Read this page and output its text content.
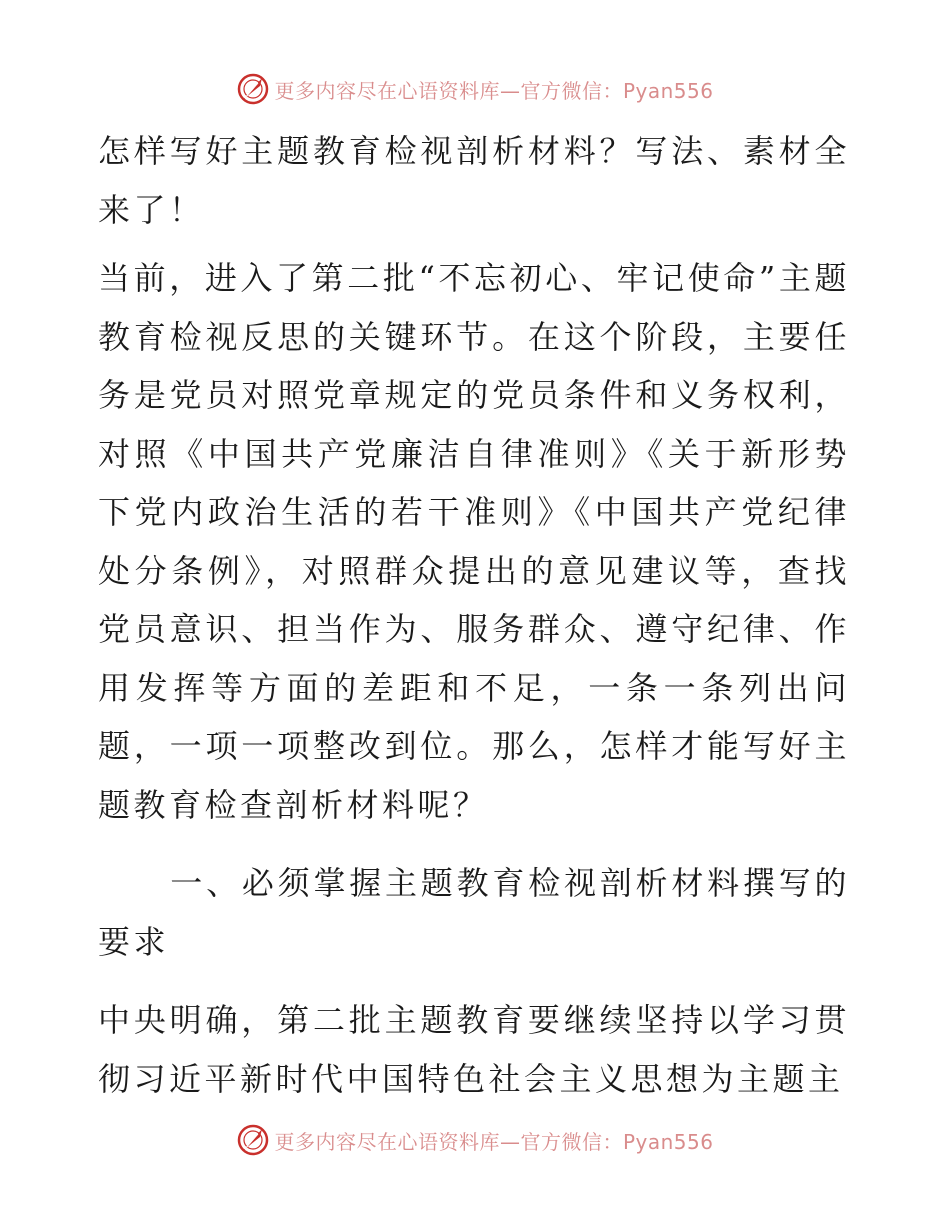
更多内容尽在心语资料库—官方微信：Pyan556

怎样写好主题教育检视剖析材料？写法、素材全来了！

当前，进入了第二批“不忘初心、牢记使命”主题教育检视反思的关键环节。在这个阶段，主要任务是党员对照党章规定的党员条件和义务权利，对照《中国共产党廉洁自律准则》《关于新形势下党内政治生活的若干准则》《中国共产党纪律处分条例》，对照群众提出的意见建议等，查找党员意识、担当作为、服务群众、遵守纪律、作用发挥等方面的差距和不足，一条一条列出问题，一项一项整改到位。那么，怎样才能写好主题教育检查剖析材料呢？

一、必须掌握主题教育检视剖析材料撰写的要求

中央明确，第二批主题教育要继续坚持以学习贯彻习近平新时代中国特色社会主义思想为主题主

更多内容尽在心语资料库—官方微信：Pyan556
